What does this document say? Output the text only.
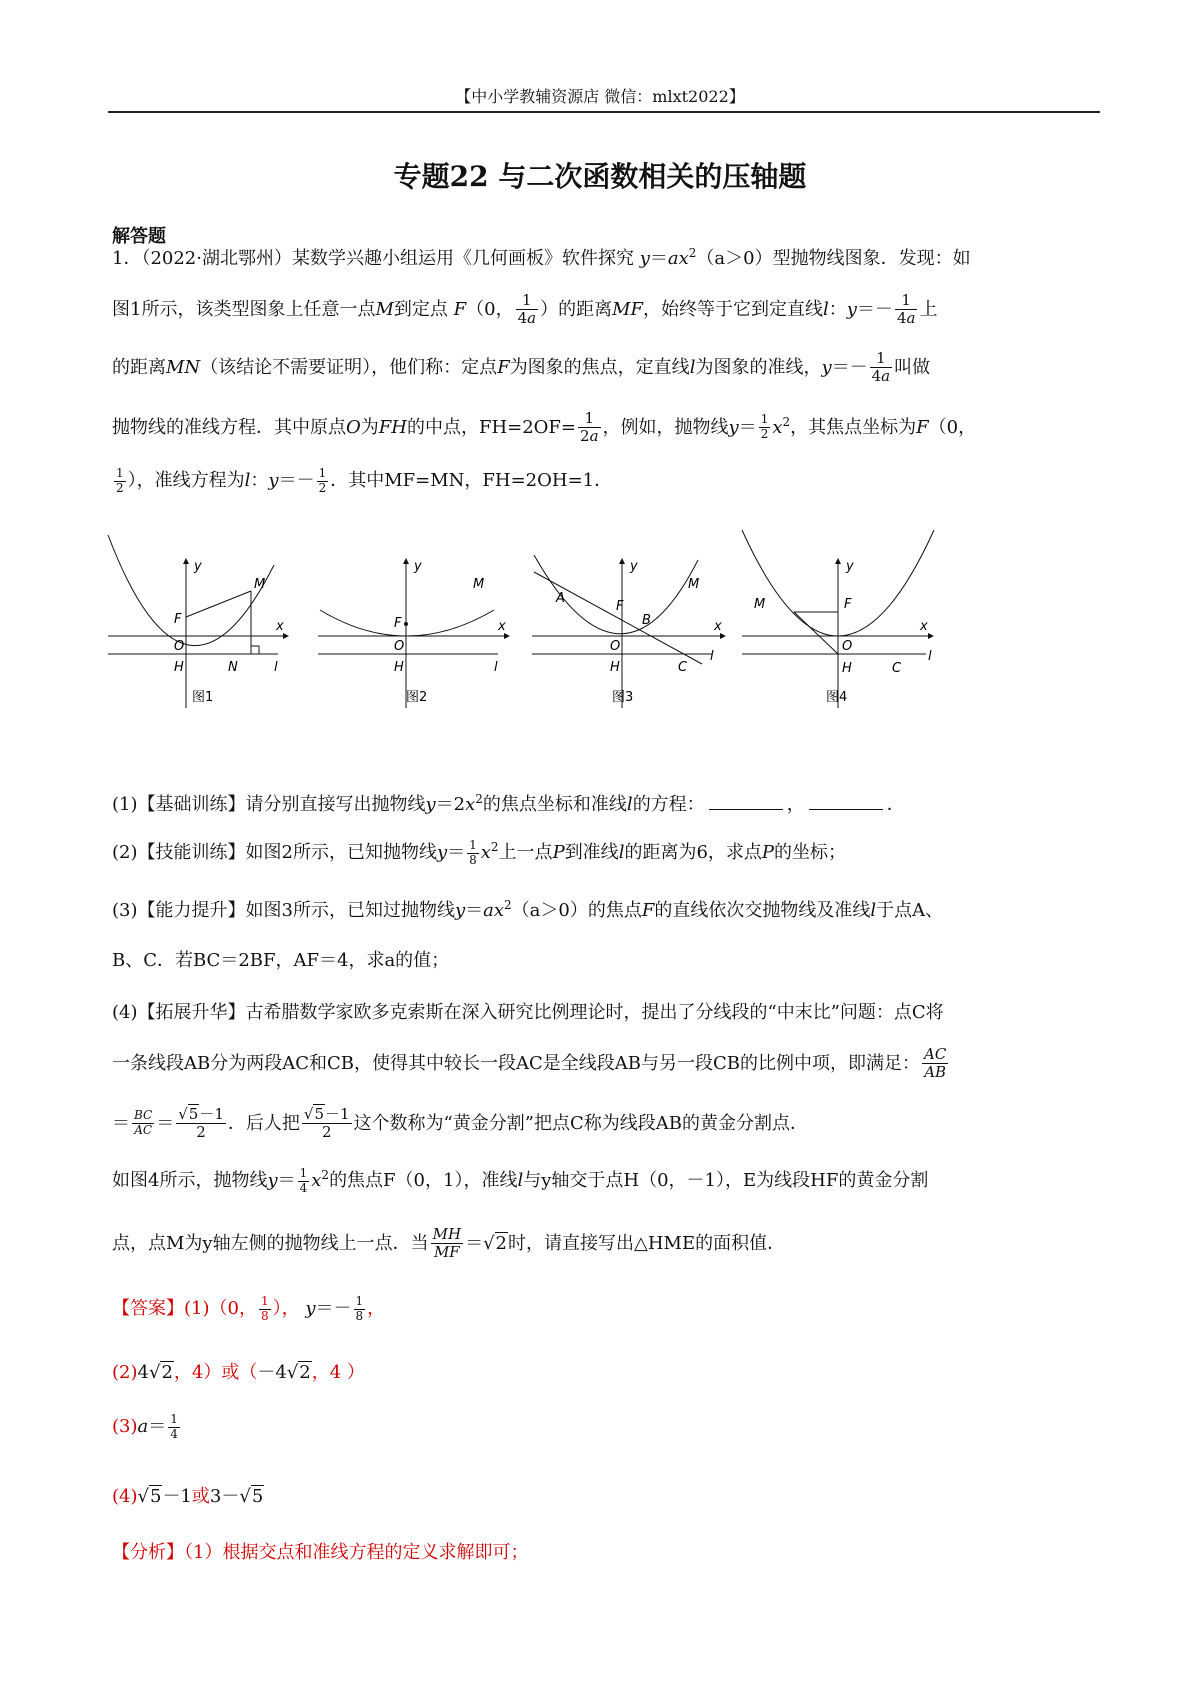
【中小学教辅资源店 微信：mlxt2022】
专题22 与二次函数相关的压轴题
解答题
1．（2022·湖北鄂州）某数学兴趣小组运用《几何画板》软件探究 $y=ax^2(a>0)$型抛物线图象．发现：如
图1所示，该类型图象上任意一点M到定点 F（0， $\frac{1}{4a}$ ）的距离MF，始终等于它到定直线l：$y=- \frac{1}{4a}$ 上
的距离MN（该结论不需要证明），他们称：定点F为图象的焦点，定直线l为图象的准线，$y=- \frac{1}{4a}$ 叫做
抛物线的准线方程．其中原点O为FH的中点，$FH=2OF= \frac{1}{2a}$ ，例如，抛物线$y= \frac{1}{2} x^2$，其焦点坐标为F（0，
$\frac{1}{2}$ ），准线方程为l：$y=- \frac{1}{2}$ ．其中MF=MN，FH=2OH=1．
y
x
F
O
H
M
N	l
图1
y
x
F
O
H	l
M
图2
y
x
F
O
H
A
B
C
M
l
图3
y
x
F
O
H	C
M
l
图4
(1)【基础训练】请分别直接写出抛物线$y=2x^2$的焦点坐标和准线l的方程：	，	．
(2)【技能训练】如图2所示，已知抛物线$y= \frac{1}{8} x^2$上一点P到准线l的距离为6，求点P的坐标；
(3)【能力提升】如图3所示，已知过抛物线$y=ax^2(a>0)$的焦点F的直线依次交抛物线及准线l于点A、
B、C．若BC＝2BF，AF＝4，求a的值；
(4)【拓展升华】古希腊数学家欧多克索斯在深入研究比例理论时，提出了分线段的“中末比”问题：点C将
一条线段AB分为两段AC和CB，使得其中较长一段AC是全线段AB与另一段CB的比例中项，即满足： $\frac{AC}{AB}$
＝ $\frac{BC}{AC} = \frac{√5-1}{2}$ ．后人把 $\frac{√5-1}{2}$ 这个数称为“黄金分割”把点C称为线段AB的黄金分割点．
如图4所示，抛物线$y= \frac{1}{4} x^2$的焦点F（0，1），准线l与y轴交于点H（0，－1），E为线段HF的黄金分割
点，点M为y轴左侧的抛物线上一点．当 $\frac{MH}{MF} =√2$时，请直接写出△HME的面积值．
【答案】(1)（0， $\frac{1}{8}$ ）， $y=- \frac{1}{8}$ ，
(2)4√2，4）或（－4√2，4 ）
$(3)a= \frac{1}{4}$
(4)√5－1或3－√5
【分析】（1）根据交点和准线方程的定义求解即可；
